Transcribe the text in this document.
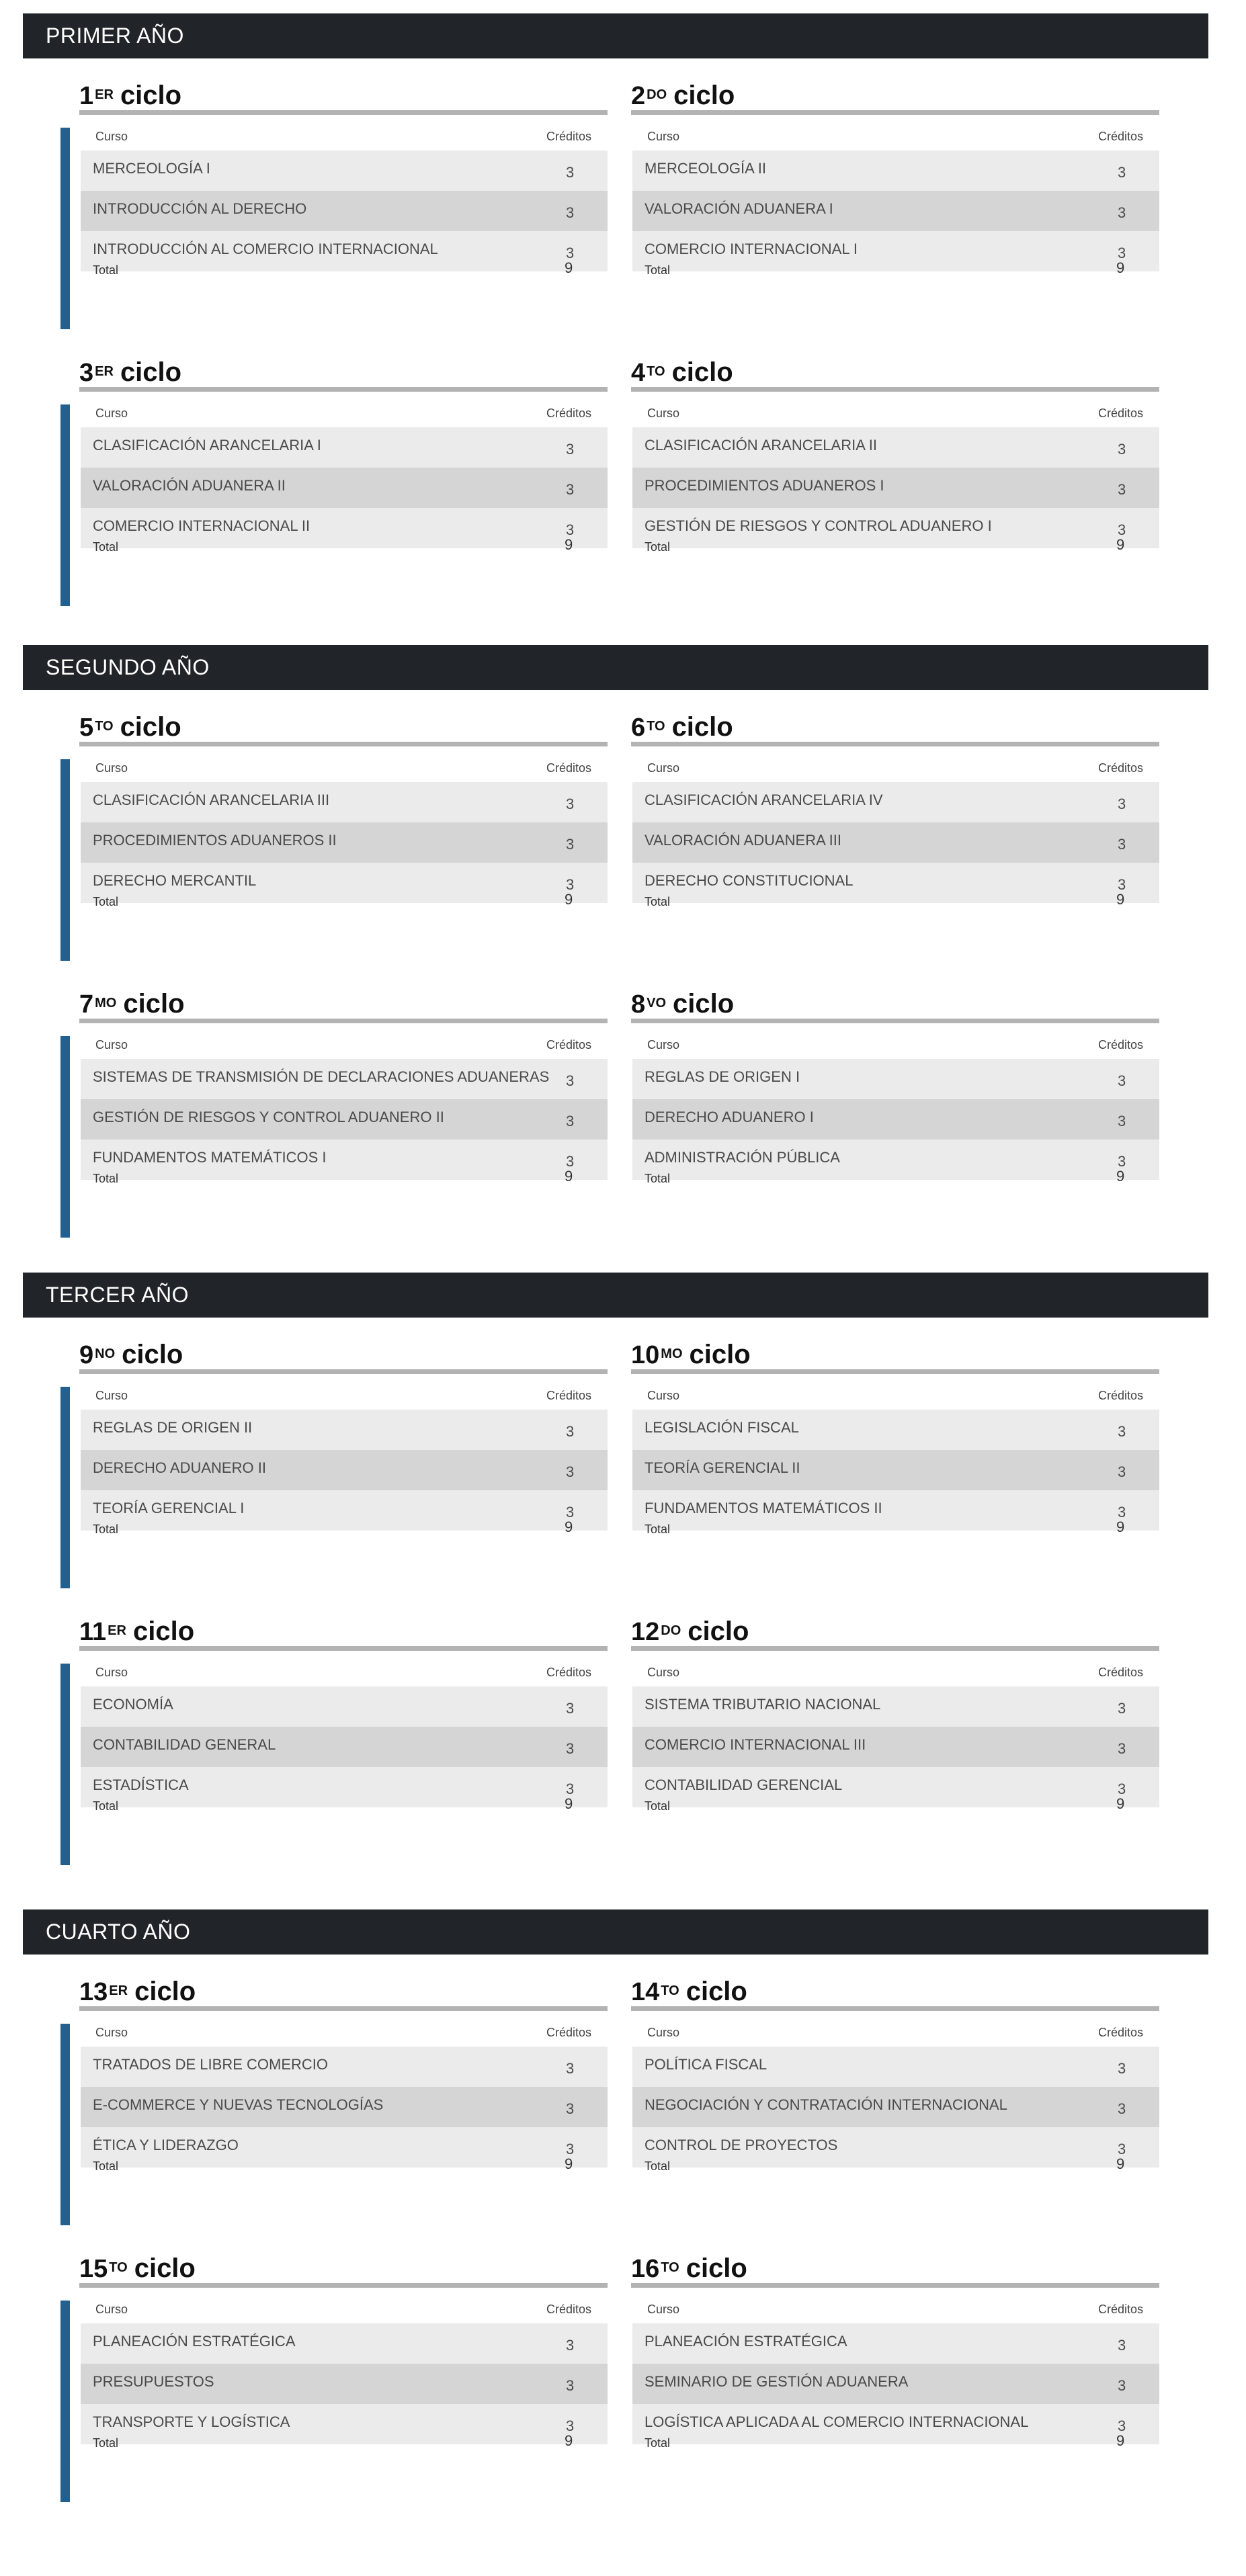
PRIMER AÑO
1 ER ciclo
Curso	Créditos
MERCEOLOGÍA I	3
INTRODUCCIÓN AL DERECHO	3
INTRODUCCIÓN AL COMERCIO INTERNACIONAL	3
Total	9
2 DO ciclo
Curso	Créditos
MERCEOLOGÍA II	3
VALORACIÓN ADUANERA I	3
COMERCIO INTERNACIONAL I	3
Total	9
3 ER ciclo
Curso	Créditos
CLASIFICACIÓN ARANCELARIA I	3
VALORACIÓN ADUANERA II	3
COMERCIO INTERNACIONAL II	3
Total	9
4 TO ciclo
Curso	Créditos
CLASIFICACIÓN ARANCELARIA II	3
PROCEDIMIENTOS ADUANEROS I	3
GESTIÓN DE RIESGOS Y CONTROL ADUANERO I	3
Total	9
SEGUNDO AÑO
5 TO ciclo
Curso	Créditos
CLASIFICACIÓN ARANCELARIA III	3
PROCEDIMIENTOS ADUANEROS II	3
DERECHO MERCANTIL	3
Total	9
6 TO ciclo
Curso	Créditos
CLASIFICACIÓN ARANCELARIA IV	3
VALORACIÓN ADUANERA III	3
DERECHO CONSTITUCIONAL	3
Total	9
7 MO ciclo
Curso	Créditos
SISTEMAS DE TRANSMISIÓN DE DECLARACIONES ADUANERAS 3
GESTIÓN DE RIESGOS Y CONTROL ADUANERO II	3
FUNDAMENTOS MATEMÁTICOS I	3
Total	9
8 VO ciclo
Curso	Créditos
REGLAS DE ORIGEN I	3
DERECHO ADUANERO I	3
ADMINISTRACIÓN PÚBLICA	3
Total	9
TERCER AÑO
9 NO ciclo
Curso	Créditos
REGLAS DE ORIGEN II	3
DERECHO ADUANERO II	3
TEORÍA GERENCIAL I	3
Total	9
10 MO ciclo
Curso	Créditos
LEGISLACIÓN FISCAL	3
TEORÍA GERENCIAL II	3
FUNDAMENTOS MATEMÁTICOS II	3
Total	9
11 ER ciclo
Curso	Créditos
ECONOMÍA	3
CONTABILIDAD GENERAL	3
ESTADÍSTICA	3
Total	9
12 DO ciclo
Curso	Créditos
SISTEMA TRIBUTARIO NACIONAL	3
COMERCIO INTERNACIONAL III	3
CONTABILIDAD GERENCIAL	3
Total	9
CUARTO AÑO
13 ER ciclo
Curso	Créditos
TRATADOS DE LIBRE COMERCIO	3
E-COMMERCE Y NUEVAS TECNOLOGÍAS	3
ÉTICA Y LIDERAZGO	3
Total	9
14 TO ciclo
Curso	Créditos
POLÍTICA FISCAL	3
NEGOCIACIÓN Y CONTRATACIÓN INTERNACIONAL	3
CONTROL DE PROYECTOS	3
Total	9
15 TO ciclo
Curso	Créditos
PLANEACIÓN ESTRATÉGICA	3
PRESUPUESTOS	3
TRANSPORTE Y LOGÍSTICA	3
Total	9
16 TO ciclo
Curso	Créditos
PLANEACIÓN ESTRATÉGICA	3
SEMINARIO DE GESTIÓN ADUANERA	3
LOGÍSTICA APLICADA AL COMERCIO INTERNACIONAL	3
Total	9
